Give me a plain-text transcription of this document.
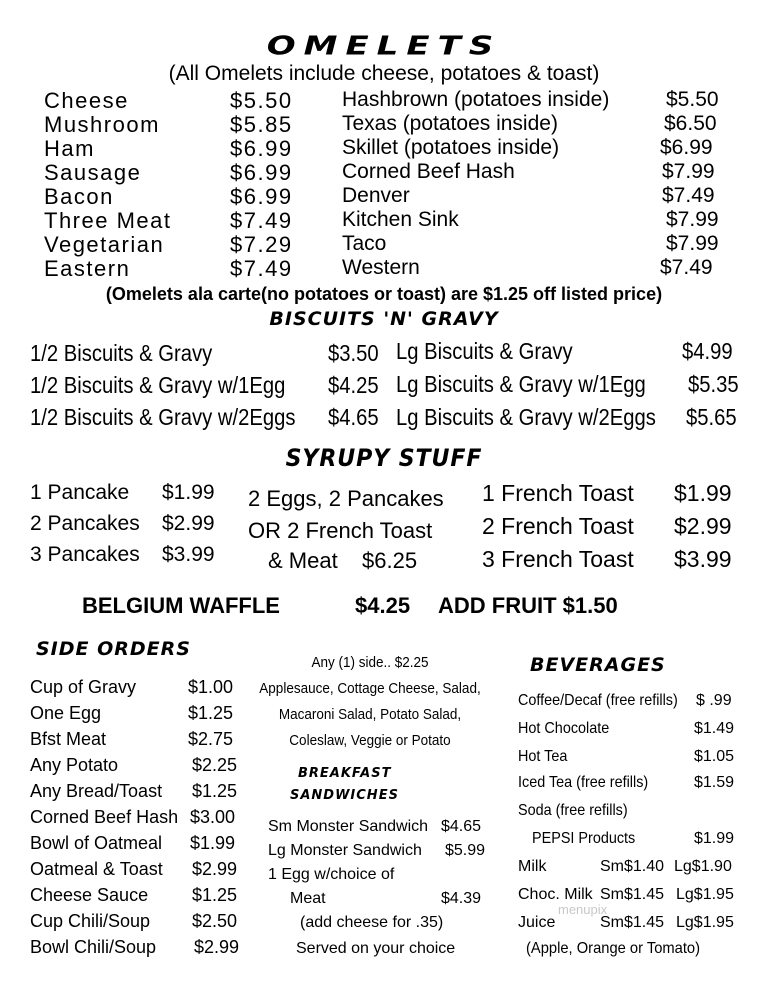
OMELETS
(All Omelets include cheese, potatoes & toast)
Cheese	$5.50
Mushroom	$5.85
Ham	$6.99
Sausage	$6.99
Bacon	$6.99
Three Meat	$7.49
Vegetarian	$7.29
Eastern	$7.49
Hashbrown (potatoes inside)	$5.50
Texas (potatoes inside)	$6.50
Skillet (potatoes inside)	$6.99
Corned Beef Hash	$7.99
Denver	$7.49
Kitchen Sink	$7.99
Taco	$7.99
Western	$7.49
(Omelets ala carte(no potatoes or toast) are $1.25 off listed price)
BISCUITS 'N' GRAVY
1/2 Biscuits & Gravy	$3.50
1/2 Biscuits & Gravy w/1Egg $4.25
1/2 Biscuits & Gravy w/2Eggs $4.65
Lg Biscuits & Gravy	$4.99
Lg Biscuits & Gravy w/1Egg $5.35
Lg Biscuits & Gravy w/2Eggs $5.65
SYRUPY STUFF
1 Pancake $1.99
2 Pancakes $2.99
3 Pancakes $3.99
2 Eggs, 2 Pancakes
OR 2 French Toast
& Meat $6.25
1 French Toast $1.99
2 French Toast $2.99
3 French Toast $3.99
BELGIUM WAFFLE	$4.25 ADD FRUIT $1.50
SIDE ORDERS
Cup of Gravy	$1.00
One Egg	$1.25
Bfst Meat	$2.75
Any Potato	$2.25
Any Bread/Toast $1.25
Corned Beef Hash $3.00
Bowl of Oatmeal $1.99
Oatmeal & Toast $2.99
Cheese Sauce $1.25
Cup Chili/Soup $2.50
Bowl Chili/Soup $2.99
Any (1) side.. $2.25
Applesauce, Cottage Cheese, Salad,
Macaroni Salad, Potato Salad,
Coleslaw, Veggie or Potato
BREAKFAST
SANDWICHES
Sm Monster Sandwich $4.65
Lg Monster Sandwich $5.99
1 Egg w/choice of
Meat	$4.39
(add cheese for .35)
Served on your choice
BEVERAGES
Coffee/Decaf (free refills) $ .99
Hot Chocolate	$1.49
Hot Tea	$1.05
Iced Tea (free refills)	$1.59
Soda (free refills)
PEPSI Products	$1.99
Milk	Sm$1.40 Lg$1.90
Choc. Milk Sm$1.45 Lg$1.95
Juice	Sm$1.45 Lg$1.95
(Apple, Orange or Tomato)
menupix
